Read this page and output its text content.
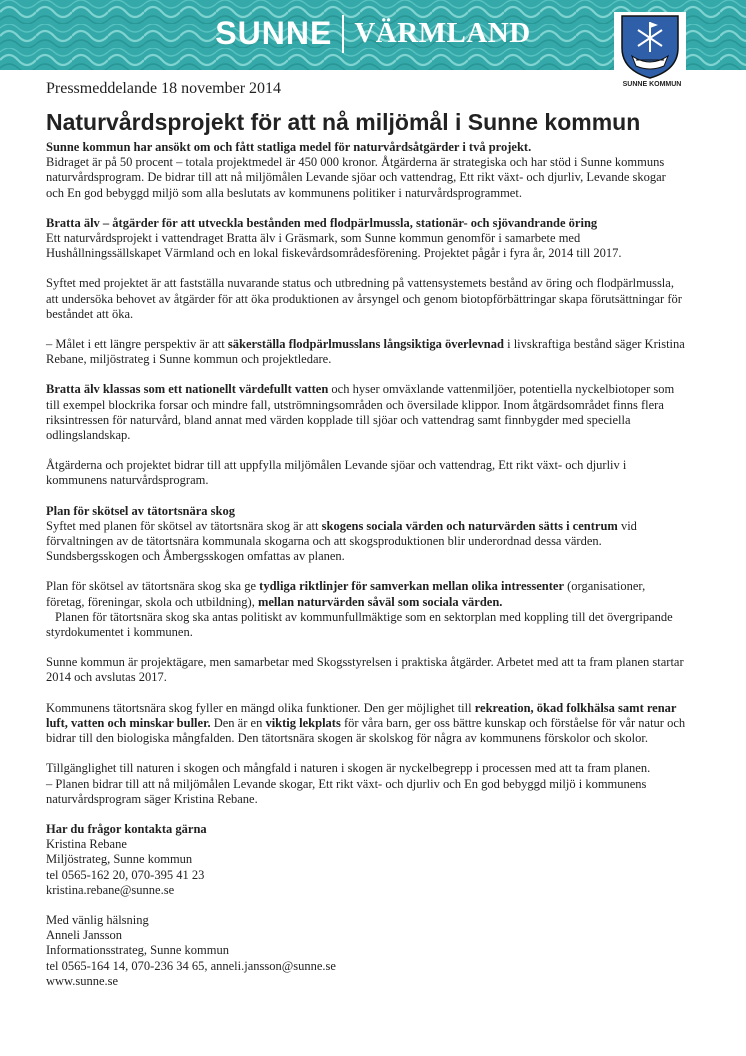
SUNNE VÄRMLAND
SUNNE KOMMUN
Pressmeddelande 18 november 2014
Naturvårdsprojekt för att nå miljömål i Sunne kommun

Sunne kommun har ansökt om och fått statliga medel för naturvårdsåtgärder i två projekt.
Bidraget är på 50 procent – totala projektmedel är 450 000 kronor. Åtgärderna är strategiska och har stöd i Sunne kommuns naturvårdsprogram. De bidrar till att nå miljömålen Levande sjöar och vattendrag, Ett rikt växt- och djurliv, Levande skogar och En god bebyggd miljö som alla beslutats av kommunens politiker i naturvårdsprogrammet.

Bratta älv – åtgärder för att utveckla bestånden med flodpärlmussla, stationär- och sjövandrande öring
Ett naturvårdsprojekt i vattendraget Bratta älv i Gräsmark, som Sunne kommun genomför i samarbete med Hushållningssällskapet Värmland och en lokal fiskevårdsområdesförening. Projektet pågår i fyra år, 2014 till 2017.

Syftet med projektet är att fastställa nuvarande status och utbredning på vattensystemets bestånd av öring och flodpärlmussla, att undersöka behovet av åtgärder för att öka produktionen av årsyngel och genom biotopförbättringar skapa förutsättningar för beståndet att öka.

– Målet i ett längre perspektiv är att säkerställa flodpärlmusslans långsiktiga överlevnad i livskraftiga bestånd säger Kristina Rebane, miljöstrateg i Sunne kommun och projektledare.

Bratta älv klassas som ett nationellt värdefullt vatten och hyser omväxlande vattenmiljöer, potentiella nyckelbiotoper som till exempel blockrika forsar och mindre fall, utströmningsområden och översilade klippor. Inom åtgärdsområdet finns flera riksintressen för naturvård, bland annat med värden kopplade till sjöar och vattendrag samt finnbygder med speciella odlingslandskap.

Åtgärderna och projektet bidrar till att uppfylla miljömålen Levande sjöar och vattendrag, Ett rikt växt- och djurliv i kommunens naturvårdsprogram.

Plan för skötsel av tätortsnära skog
Syftet med planen för skötsel av tätortsnära skog är att skogens sociala värden och naturvärden sätts i centrum vid förvaltningen av de tätortsnära kommunala skogarna och att skogsproduktionen blir underordnad dessa värden. Sundsbergsskogen och Åmbergsskogen omfattas av planen.

Plan för skötsel av tätortsnära skog ska ge tydliga riktlinjer för samverkan mellan olika intressenter (organisationer, företag, föreningar, skola och utbildning), mellan naturvärden såväl som sociala värden.

Planen för tätortsnära skog ska antas politiskt av kommunfullmäktige som en sektorplan med koppling till det övergripande styrdokumentet i kommunen.

Sunne kommun är projektägare, men samarbetar med Skogsstyrelsen i praktiska åtgärder. Arbetet med att ta fram planen startar 2014 och avslutas 2017.

Kommunens tätortsnära skog fyller en mängd olika funktioner. Den ger möjlighet till rekreation, ökad folkhälsa samt renar luft, vatten och minskar buller. Den är en viktig lekplats för våra barn, ger oss bättre kunskap och förståelse för vår natur och bidrar till den biologiska mångfalden. Den tätortsnära skogen är skolskog för några av kommunens förskolor och skolor.

Tillgänglighet till naturen i skogen och mångfald i naturen i skogen är nyckelbegrepp i processen med att ta fram planen.
– Planen bidrar till att nå miljömålen Levande skogar, Ett rikt växt- och djurliv och En god bebyggd miljö i kommunens naturvårdsprogram säger Kristina Rebane.

Har du frågor kontakta gärna
Kristina Rebane
Miljöstrateg, Sunne kommun
tel 0565-162 20, 070-395 41 23
kristina.rebane@sunne.se

Med vänlig hälsning
Anneli Jansson
Informationsstrateg, Sunne kommun
tel 0565-164 14, 070-236 34 65, anneli.jansson@sunne.se
www.sunne.se
